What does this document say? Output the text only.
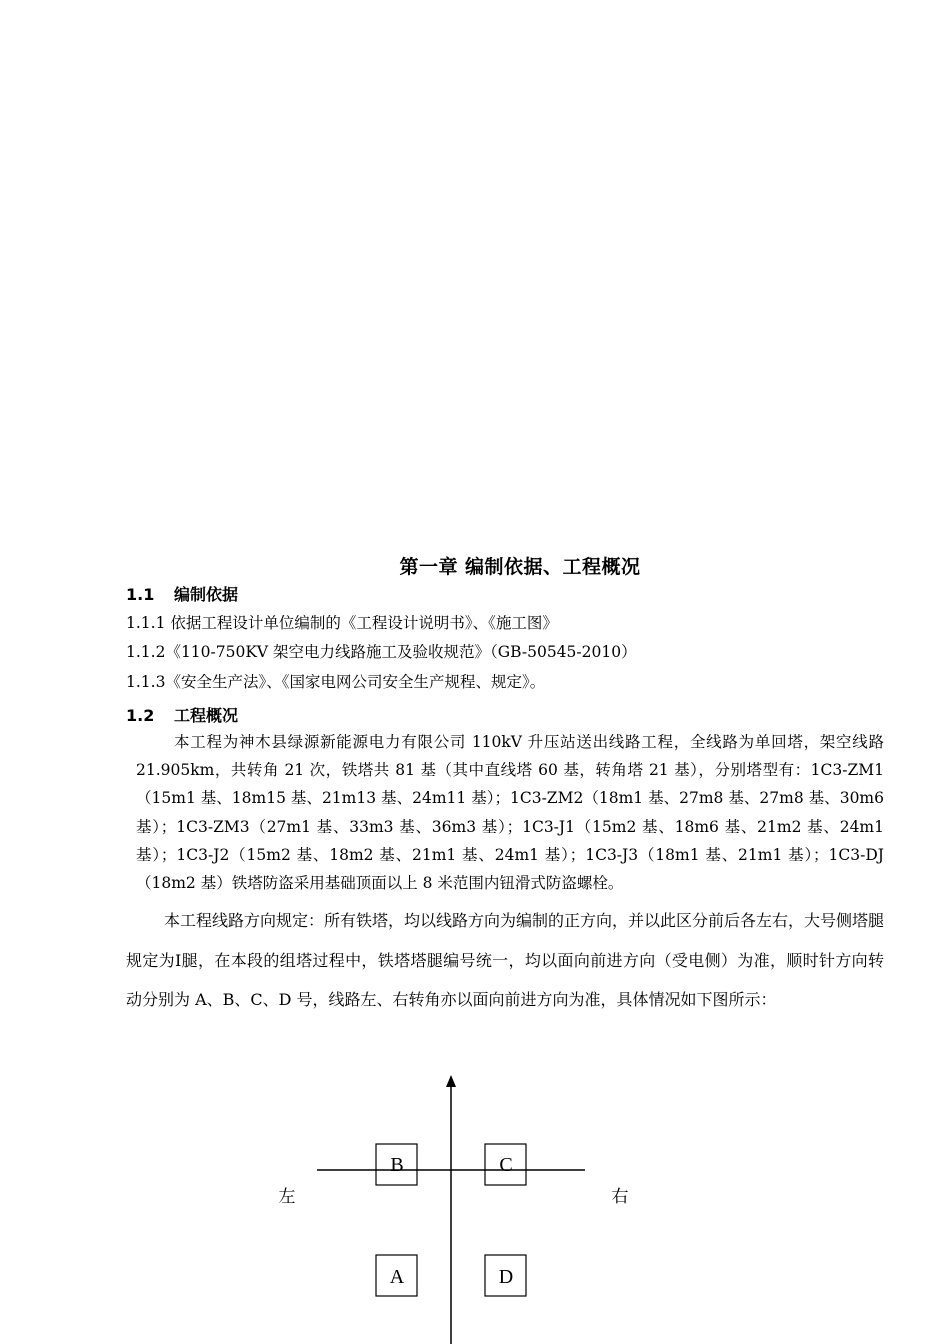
第一章 编制依据、工程概况
1.1 编制依据
1.1.1 依据工程设计单位编制的《工程设计说明书》、《施工图》
1.1.2《110-750KV 架空电力线路施工及验收规范》（GB-50545-2010）
1.1.3《安全生产法》、《国家电网公司安全生产规程、规定》。
1.2 工程概况
本工程为神木县绿源新能源电力有限公司 110kV 升压站送出线路工程，全线路为单回塔，架空线路 21.905km，共转角 21 次，铁塔共 81 基（其中直线塔 60 基，转角塔 21 基），分别塔型有：1C3-ZM1（15m1 基、18m15 基、21m13 基、24m11 基）；1C3-ZM2（18m1 基、27m8 基、27m8 基、30m6 基）；1C3-ZM3（27m1 基、33m3 基、36m3 基）；1C3-J1（15m2 基、18m6 基、21m2 基、24m1 基）；1C3-J2（15m2 基、18m2 基、21m1 基、24m1 基）；1C3-J3（18m1 基、21m1 基）；1C3-DJ（18m2 基）铁塔防盗采用基础顶面以上 8 米范围内钮滑式防盗螺栓。
本工程线路方向规定：所有铁塔，均以线路方向为编制的正方向，并以此区分前后各左右，大号侧塔腿规定为Ⅰ腿，在本段的组塔过程中，铁塔塔腿编号统一，均以面向前进方向（受电侧）为准，顺时针方向转动分别为 A、B、C、D 号，线路左、右转角亦以面向前进方向为准，具体情况如下图所示：
B	C
A	D
左	右
